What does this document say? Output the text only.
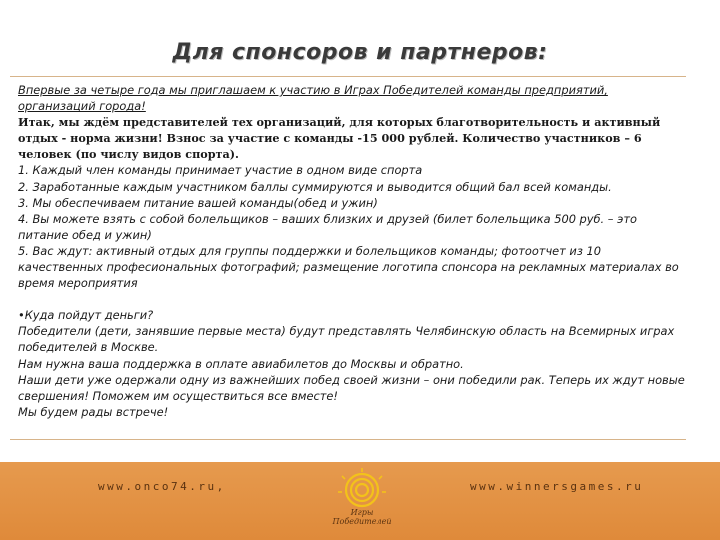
Для спонсоров и партнеров:

Впервые за четыре года мы приглашаем к участию в Играх Победителей команды предприятий,

организаций города!

Итак, мы ждём представителей тех организаций, для которых благотворительность и активный отдых - норма жизни! Взнос за участие с команды -15 000 рублей. Количество участников – 6 человек (по числу видов спорта).

1. Каждый член команды принимает участие в одном виде спорта

2. Заработанные каждым участником баллы суммируются и выводится общий бал всей команды.

3. Мы обеспечиваем питание вашей команды(обед и ужин)

4. Вы можете взять с собой болельщиков – ваших близких и друзей (билет болельщика 500 руб. – это питание обед и ужин)

5. Вас ждут: активный отдых для группы поддержки и болельщиков команды; фотоотчет из 10 качественных професиональных фотографий; размещение логотипа спонсора на рекламных материалах во время мероприятия

•Куда пойдут деньги?

Победители (дети, занявшие первые места) будут представлять Челябинскую область на Всемирных играх победителей в Москве.

Нам нужна ваша поддержка в оплате авиабилетов до Москвы и обратно.

Наши дети уже одержали одну из важнейших побед своей жизни – они победили рак. Теперь их ждут новые свершения! Поможем им осуществиться все вместе!

Мы будем рады встрече!

www.onco74.ru,
Игры Победителей
www.winnersgames.ru
